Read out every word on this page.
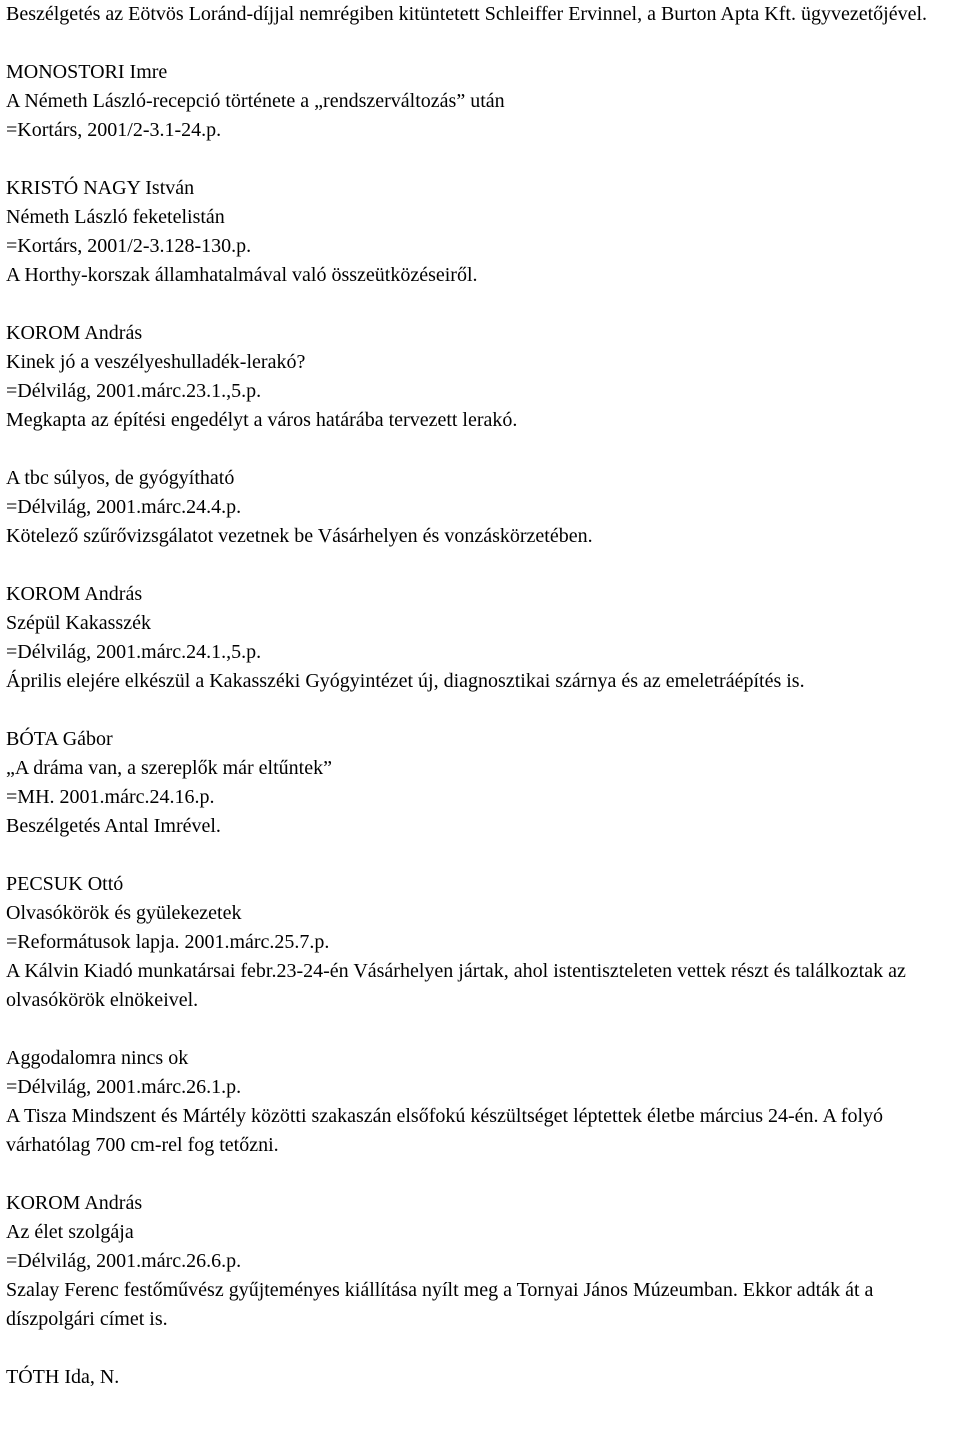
Beszélgetés az Eötvös Loránd-díjjal nemrégiben kitüntetett Schleiffer Ervinnel, a Burton Apta Kft. ügyvezetőjével.
MONOSTORI Imre
A Németh László-recepció története a „rendszerváltozás” után
=Kortárs, 2001/2-3.1-24.p.
KRISTÓ NAGY István
Németh László feketelistán
=Kortárs, 2001/2-3.128-130.p.
A Horthy-korszak államhatalmával való összeütközéseiről.
KOROM András
Kinek jó a veszélyeshulladék-lerakó?
=Délvilág, 2001.márc.23.1.,5.p.
Megkapta az építési engedélyt a város határába tervezett lerakó.
A tbc súlyos, de gyógyítható
=Délvilág, 2001.márc.24.4.p.
Kötelező szűrővizsgálatot vezetnek be Vásárhelyen és vonzáskörzetében.
KOROM András
Szépül Kakasszék
=Délvilág, 2001.márc.24.1.,5.p.
Április elejére elkészül a Kakasszéki Gyógyintézet új, diagnosztikai szárnya és az emeletráépítés is.
BÓTA Gábor
„A dráma van, a szereplők már eltűntek”
=MH. 2001.márc.24.16.p.
Beszélgetés Antal Imrével.
PECSUK Ottó
Olvasókörök és gyülekezetek
=Reformátusok lapja. 2001.márc.25.7.p.
A Kálvin Kiadó munkatársai febr.23-24-én Vásárhelyen jártak, ahol istentiszteleten vettek részt és találkoztak az olvasókörök elnökeivel.
Aggodalomra nincs ok
=Délvilág, 2001.márc.26.1.p.
A Tisza Mindszent és Mártély közötti szakaszán elsőfokú készültséget léptettek életbe március 24-én. A folyó várhatólag 700 cm-rel fog tetőzni.
KOROM András
Az élet szolgája
=Délvilág, 2001.márc.26.6.p.
Szalay Ferenc festőművész gyűjteményes kiállítása nyílt meg a Tornyai János Múzeumban. Ekkor adták át a díszpolgári címet is.
TÓTH Ida, N.
